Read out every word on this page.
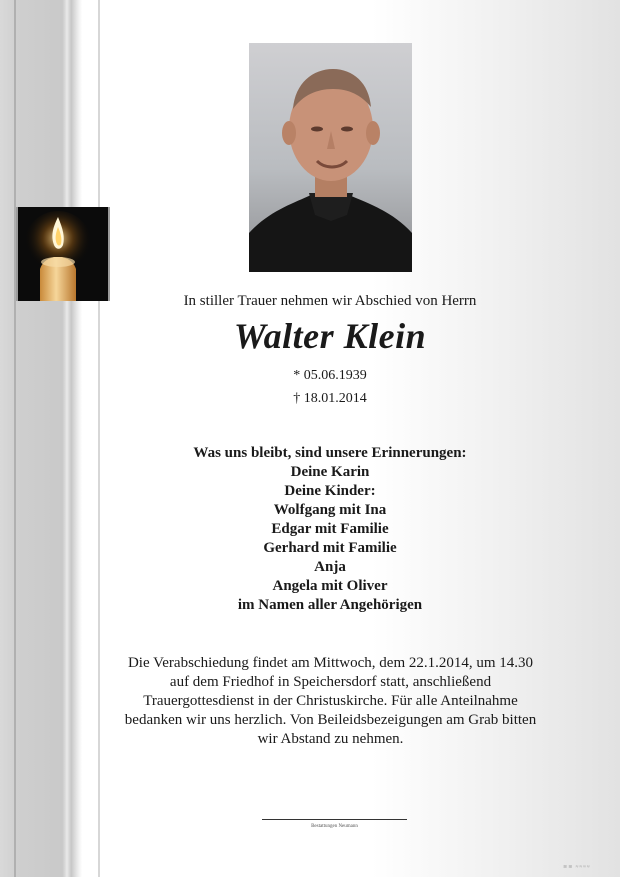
In stiller Trauer nehmen wir Abschied von Herrn
Walter Klein
* 05.06.1939
† 18.01.2014
Was uns bleibt, sind unsere Erinnerungen:
Deine Karin
Deine Kinder:
Wolfgang mit Ina
Edgar mit Familie
Gerhard mit Familie
Anja
Angela mit Oliver
im Namen aller Angehörigen
Die Verabschiedung findet am Mittwoch, dem 22.1.2014, um 14.30 auf dem Friedhof in Speichersdorf statt, anschließend Trauergottesdienst in der Christuskirche. Für alle Anteilnahme bedanken wir uns herzlich. Von Beileidsbezeigungen am Grab bitten wir Abstand zu nehmen.
Bestattungen Neumann
≋≋ ≈≈≈≈
